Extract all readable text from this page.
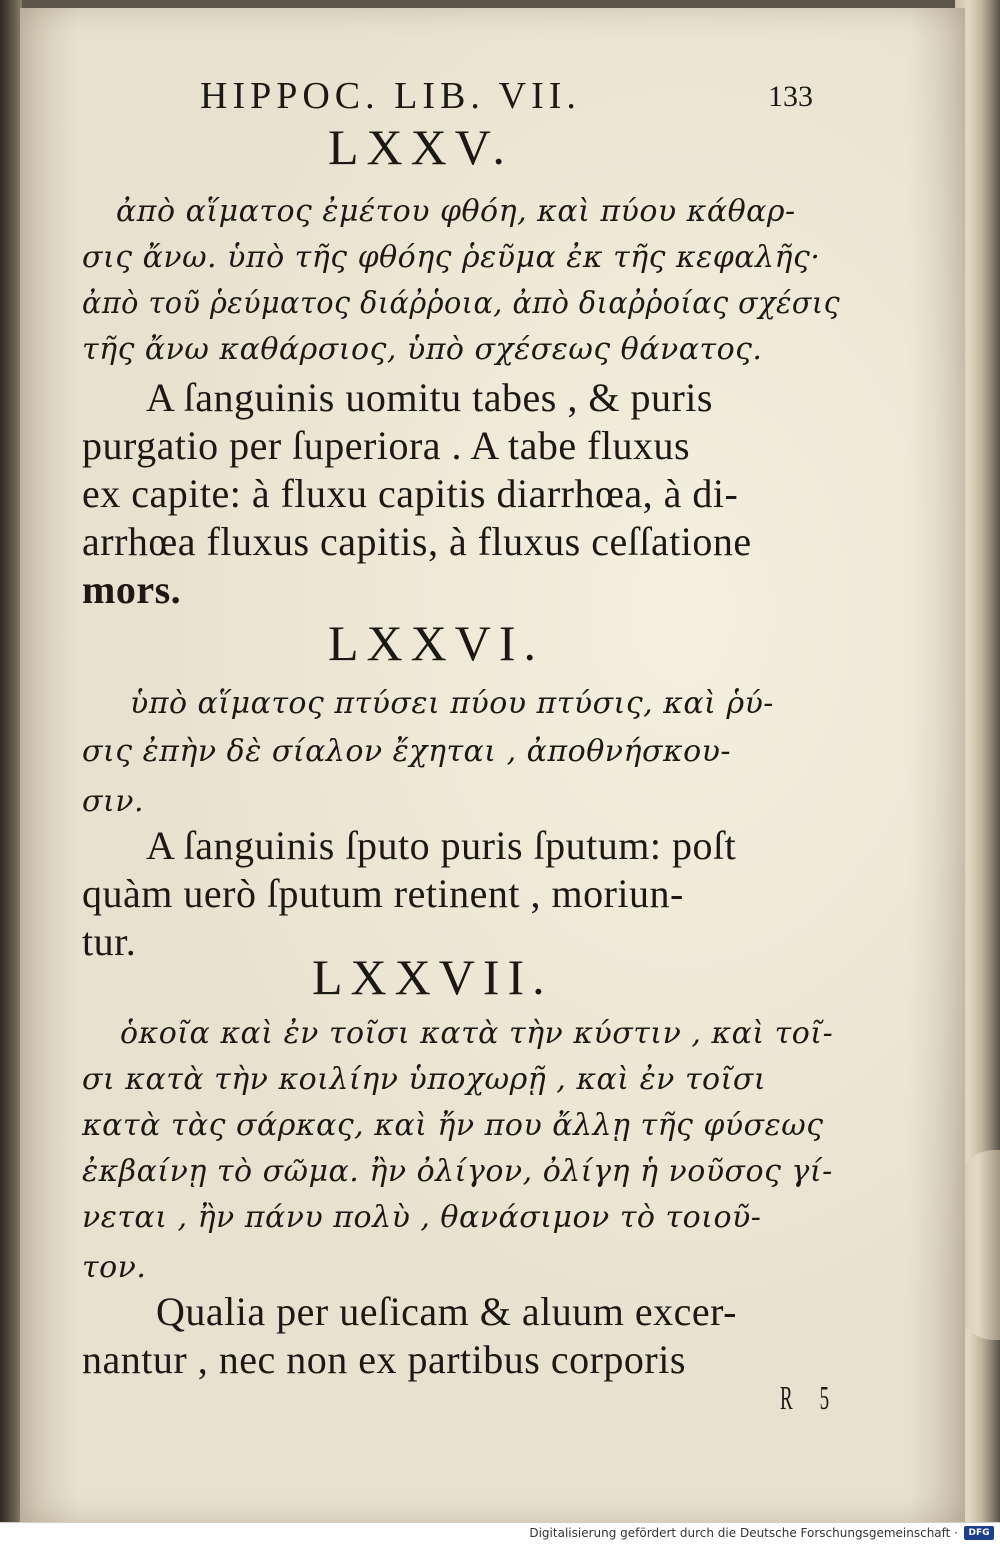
HIPPOC. LIB. VII.	133
LXXV.
ἀπὸ αἵματος ἐμέτου φθόη, καὶ πύου κάθαρ-
σις ἄνω. ὑπὸ τῆς φθόης ῥεῦμα ἐκ τῆς κεφαλῆς·
ἀπὸ τοῦ ῥεύματος διάῤῥοια, ἀπὸ διαῤῥοίας σχέσις
τῆς ἄνω καθάρσιος, ὑπὸ σχέσεως θάνατος.
A ſanguinis uomitu tabes , & puris
purgatio per ſuperiora . A tabe fluxus
ex capite: à fluxu capitis diarrhœa, à di-
arrhœa fluxus capitis, à fluxus ceſſatione
mors.
LXXVI.
ὑπὸ αἵματος πτύσει πύου πτύσις, καὶ ῥύ-
σις ἐπὴν δὲ σίαλον ἔχηται , ἀποθνήσκου-
σιν.
A ſanguinis ſputo puris ſputum: poſt
quàm uerò ſputum retinent , moriun-
tur.
LXXVII.
ὁκοῖα καὶ ἐν τοῖσι κατὰ τὴν κύστιν , καὶ τοῖ-
σι κατὰ τὴν κοιλίην ὑποχωρῇ , καὶ ἐν τοῖσι
κατὰ τὰς σάρκας, καὶ ἤν που ἄλλῃ τῆς φύσεως
ἐκβαίνῃ τὸ σῶμα. ἢν ὀλίγον, ὀλίγη ἡ νοῦσος γί-
νεται , ἢν πάνυ πολὺ , θανάσιμον τὸ τοιοῦ-
τον.
Qualia per ueſicam & aluum excer-
nantur , nec non ex partibus corporis
R 5
Digitalisierung gefördert durch die Deutsche Forschungsgemeinschaft ·	DFG
